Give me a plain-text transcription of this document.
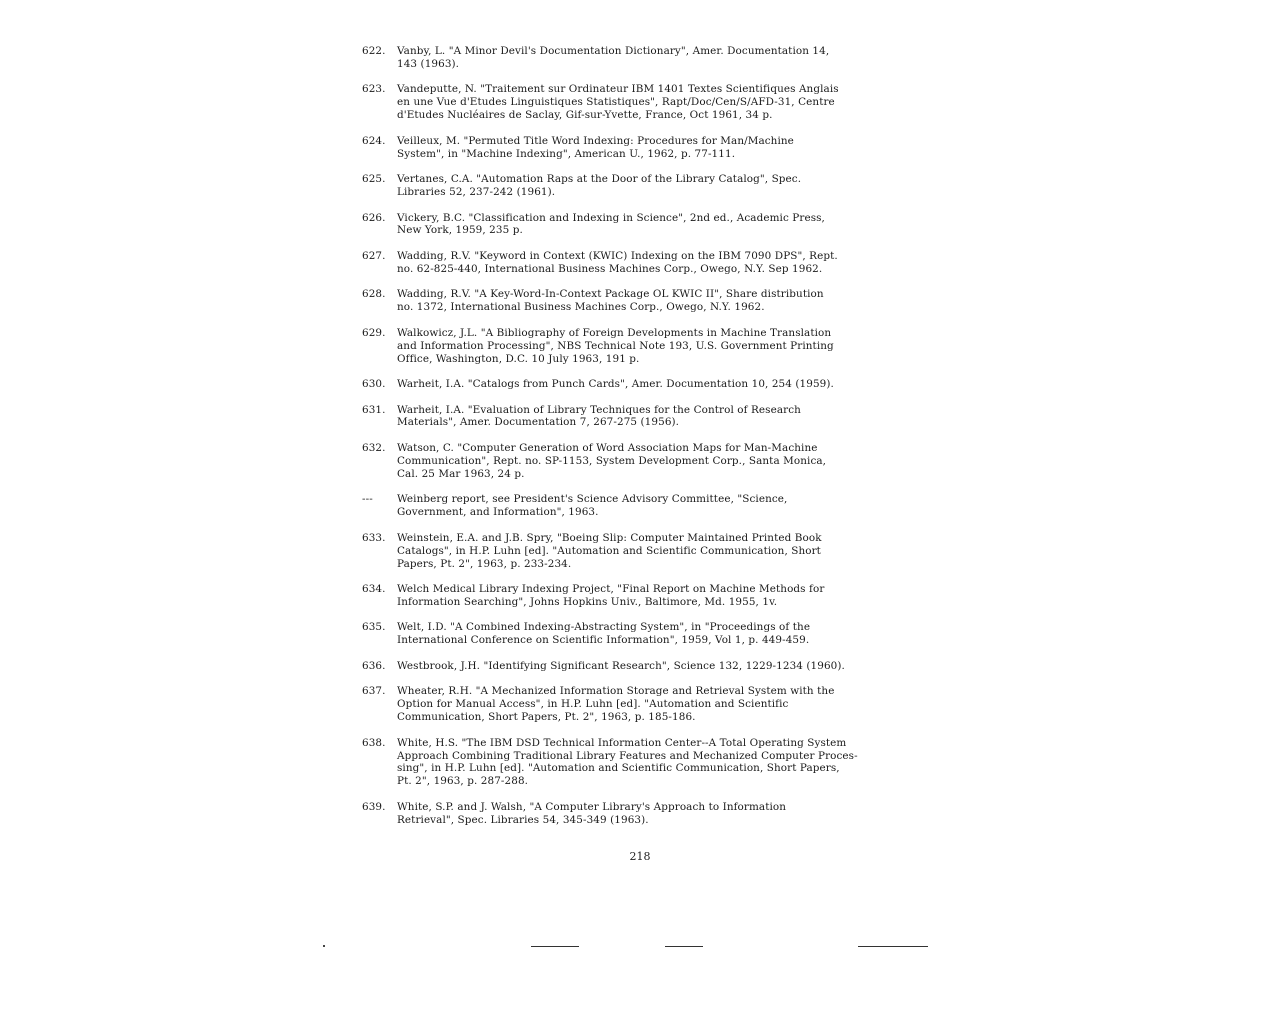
622.	Vanby, L. "A Minor Devil's Documentation Dictionary", Amer. Documentation 14,
143 (1963).
623.	Vandeputte, N. "Traitement sur Ordinateur IBM 1401 Textes Scientifiques Anglais
en une Vue d'Etudes Linguistiques Statistiques", Rapt/Doc/Cen/S/AFD-31, Centre
d'Etudes Nucléaires de Saclay, Gif-sur-Yvette, France, Oct 1961, 34 p.
624.	Veilleux, M. "Permuted Title Word Indexing: Procedures for Man/Machine
System", in "Machine Indexing", American U., 1962, p. 77-111.
625.	Vertanes, C.A. "Automation Raps at the Door of the Library Catalog", Spec.
Libraries 52, 237-242 (1961).
626.	Vickery, B.C. "Classification and Indexing in Science", 2nd ed., Academic Press,
New York, 1959, 235 p.
627.	Wadding, R.V. "Keyword in Context (KWIC) Indexing on the IBM 7090 DPS", Rept.
no. 62-825-440, International Business Machines Corp., Owego, N.Y. Sep 1962.
628.	Wadding, R.V. "A Key-Word-In-Context Package OL KWIC II", Share distribution
no. 1372, International Business Machines Corp., Owego, N.Y. 1962.
629.	Walkowicz, J.L. "A Bibliography of Foreign Developments in Machine Translation
and Information Processing", NBS Technical Note 193, U.S. Government Printing
Office, Washington, D.C. 10 July 1963, 191 p.
630.	Warheit, I.A. "Catalogs from Punch Cards", Amer. Documentation 10, 254 (1959).
631.	Warheit, I.A. "Evaluation of Library Techniques for the Control of Research
Materials", Amer. Documentation 7, 267-275 (1956).
632.	Watson, C. "Computer Generation of Word Association Maps for Man-Machine
Communication", Rept. no. SP-1153, System Development Corp., Santa Monica,
Cal. 25 Mar 1963, 24 p.
---	Weinberg report, see President's Science Advisory Committee, "Science,
Government, and Information", 1963.
633.	Weinstein, E.A. and J.B. Spry, "Boeing Slip: Computer Maintained Printed Book
Catalogs", in H.P. Luhn [ed]. "Automation and Scientific Communication, Short
Papers, Pt. 2", 1963, p. 233-234.
634.	Welch Medical Library Indexing Project, "Final Report on Machine Methods for
Information Searching", Johns Hopkins Univ., Baltimore, Md. 1955, 1v.
635.	Welt, I.D. "A Combined Indexing-Abstracting System", in "Proceedings of the
International Conference on Scientific Information", 1959, Vol 1, p. 449-459.
636.	Westbrook, J.H. "Identifying Significant Research", Science 132, 1229-1234 (1960).
637.	Wheater, R.H. "A Mechanized Information Storage and Retrieval System with the
Option for Manual Access", in H.P. Luhn [ed]. "Automation and Scientific
Communication, Short Papers, Pt. 2", 1963, p. 185-186.
638.	White, H.S. "The IBM DSD Technical Information Center--A Total Operating System
Approach Combining Traditional Library Features and Mechanized Computer Proces-
sing", in H.P. Luhn [ed]. "Automation and Scientific Communication, Short Papers,
Pt. 2", 1963, p. 287-288.
639.	White, S.P. and J. Walsh, "A Computer Library's Approach to Information
Retrieval", Spec. Libraries 54, 345-349 (1963).
218
